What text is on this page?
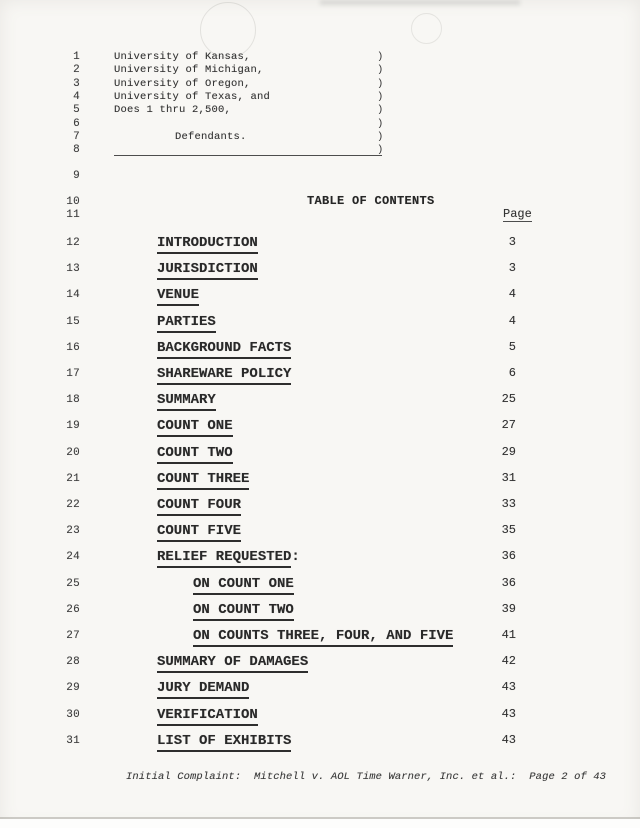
1	University of Kansas,	)
2	University of Michigan,	)
3	University of Oregon,	)
4	University of Texas, and	)
5	Does 1 thru 2,500,	)
6	)
7	Defendants.	)
8	)
9
10	TABLE OF CONTENTS
11	Page
12	INTRODUCTION	3
13	JURISDICTION	3
14	VENUE	4
15	PARTIES	4
16	BACKGROUND FACTS	5
17	SHAREWARE POLICY	6
18	SUMMARY	25
19	COUNT ONE	27
20	COUNT TWO	29
21	COUNT THREE	31
22	COUNT FOUR	33
23	COUNT FIVE	35
24	RELIEF REQUESTED:	36
25	ON COUNT ONE	36
26	ON COUNT TWO	39
27	ON COUNTS THREE, FOUR, AND FIVE	41
28	SUMMARY OF DAMAGES	42
29	JURY DEMAND	43
30	VERIFICATION	43
31	LIST OF EXHIBITS	43
Initial Complaint:  Mitchell v. AOL Time Warner, Inc. et al.:  Page 2 of 43
